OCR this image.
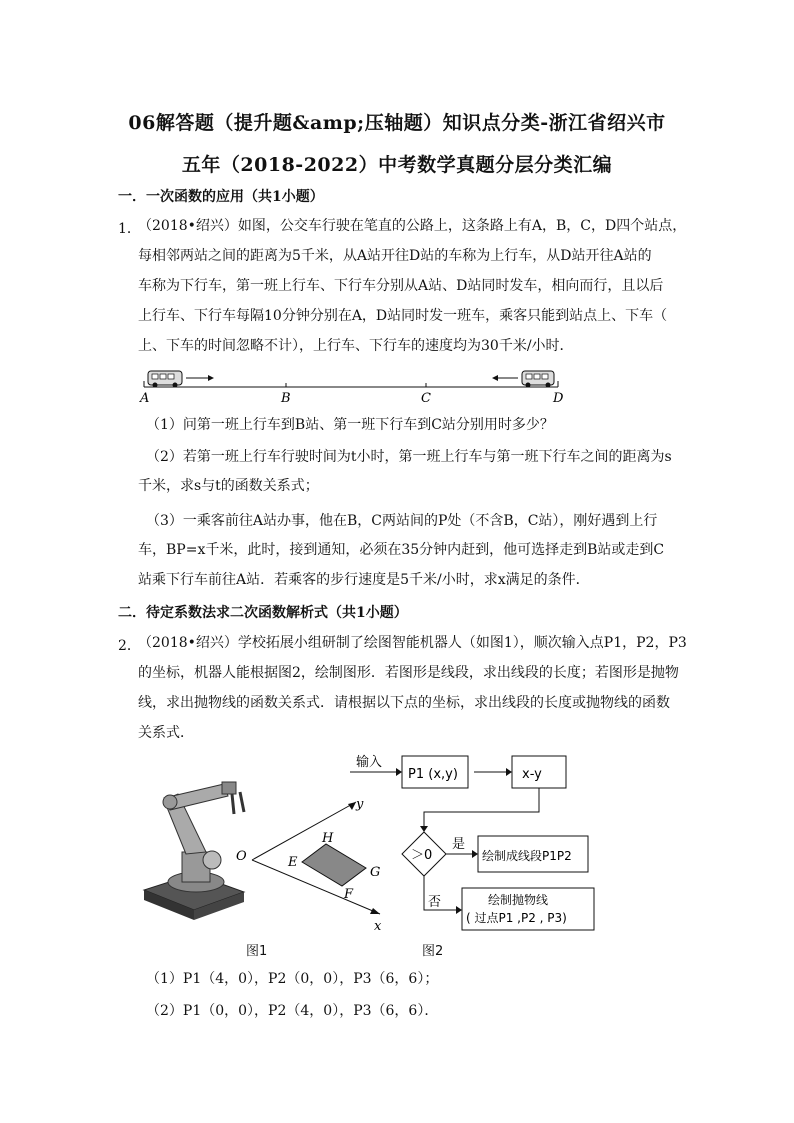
06解答题（提升题&amp;压轴题）知识点分类-浙江省绍兴市
五年（2018-2022）中考数学真题分层分类汇编
一．一次函数的应用（共1小题）
1．
（2018•绍兴）如图，公交车行驶在笔直的公路上，这条路上有A，B，C，D四个站点，
每相邻两站之间的距离为5千米，从A站开往D站的车称为上行车，从D站开往A站的
车称为下行车，第一班上行车、下行车分别从A站、D站同时发车，相向而行，且以后
上行车、下行车每隔10分钟分别在A，D站同时发一班车，乘客只能到站点上、下车（
上、下车的时间忽略不计），上行车、下行车的速度均为30千米/小时．
A	B	C	D
（1）问第一班上行车到B站、第一班下行车到C站分别用时多少？
（2）若第一班上行车行驶时间为t小时，第一班上行车与第一班下行车之间的距离为s
千米，求s与t的函数关系式；
（3）一乘客前往A站办事，他在B，C两站间的P处（不含B，C站），刚好遇到上行
车，BP=x千米，此时，接到通知，必须在35分钟内赶到，他可选择走到B站或走到C
站乘下行车前往A站．若乘客的步行速度是5千米/小时，求x满足的条件．
二．待定系数法求二次函数解析式（共1小题）
2．
（2018•绍兴）学校拓展小组研制了绘图智能机器人（如图1），顺次输入点P1，P2，P3
的坐标，机器人能根据图2，绘制图形．若图形是线段，求出线段的长度；若图形是抛物
线，求出抛物线的函数关系式．请根据以下点的坐标，求出线段的长度或抛物线的函数
关系式．
y
O
x
H
E
G
F
图1
输入
P1 (x,y)	x-y
＞0
是
绘制成线段P1P2
否	绘制抛物线
( 过点P1 ,P2 , P3)
图2
（1）P1（4，0），P2（0，0），P3（6，6）；
（2）P1（0，0），P2（4，0），P3（6，6）．
